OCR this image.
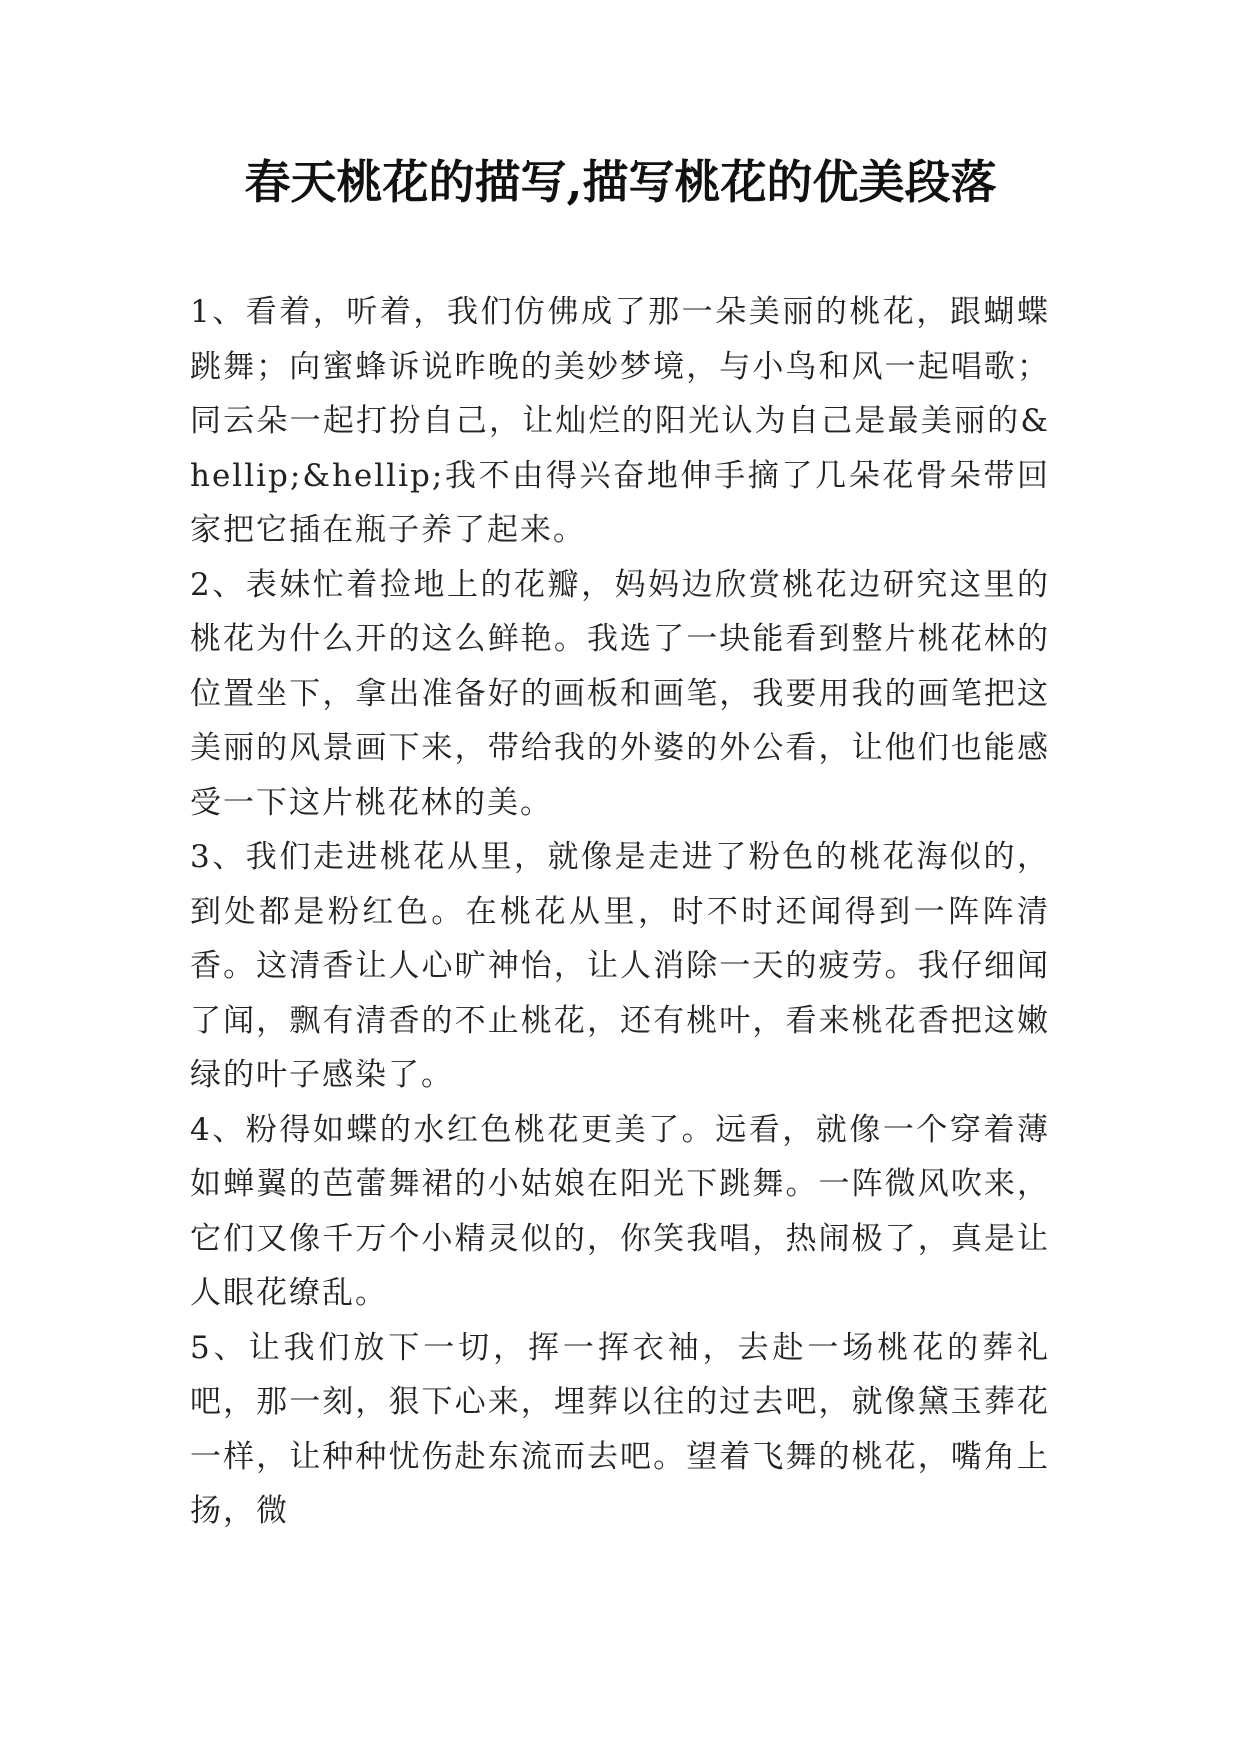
春天桃花的描写,描写桃花的优美段落

1、看着，听着，我们仿佛成了那一朵美丽的桃花，跟蝴蝶跳舞；向蜜蜂诉说昨晚的美妙梦境，与小鸟和风一起唱歌；同云朵一起打扮自己，让灿烂的阳光认为自己是最美丽的&hellip;&hellip;我不由得兴奋地伸手摘了几朵花骨朵带回家把它插在瓶子养了起来。

2、表妹忙着捡地上的花瓣，妈妈边欣赏桃花边研究这里的桃花为什么开的这么鲜艳。我选了一块能看到整片桃花林的位置坐下，拿出准备好的画板和画笔，我要用我的画笔把这美丽的风景画下来，带给我的外婆的外公看，让他们也能感受一下这片桃花林的美。

3、我们走进桃花从里，就像是走进了粉色的桃花海似的，到处都是粉红色。在桃花从里，时不时还闻得到一阵阵清香。这清香让人心旷神怡，让人消除一天的疲劳。我仔细闻了闻，飘有清香的不止桃花，还有桃叶，看来桃花香把这嫩绿的叶子感染了。

4、粉得如蝶的水红色桃花更美了。远看，就像一个穿着薄如蝉翼的芭蕾舞裙的小姑娘在阳光下跳舞。一阵微风吹来，它们又像千万个小精灵似的，你笑我唱，热闹极了，真是让人眼花缭乱。

5、让我们放下一切，挥一挥衣袖，去赴一场桃花的葬礼吧，那一刻，狠下心来，埋葬以往的过去吧，就像黛玉葬花一样，让种种忧伤赴东流而去吧。望着飞舞的桃花，嘴角上扬，微
